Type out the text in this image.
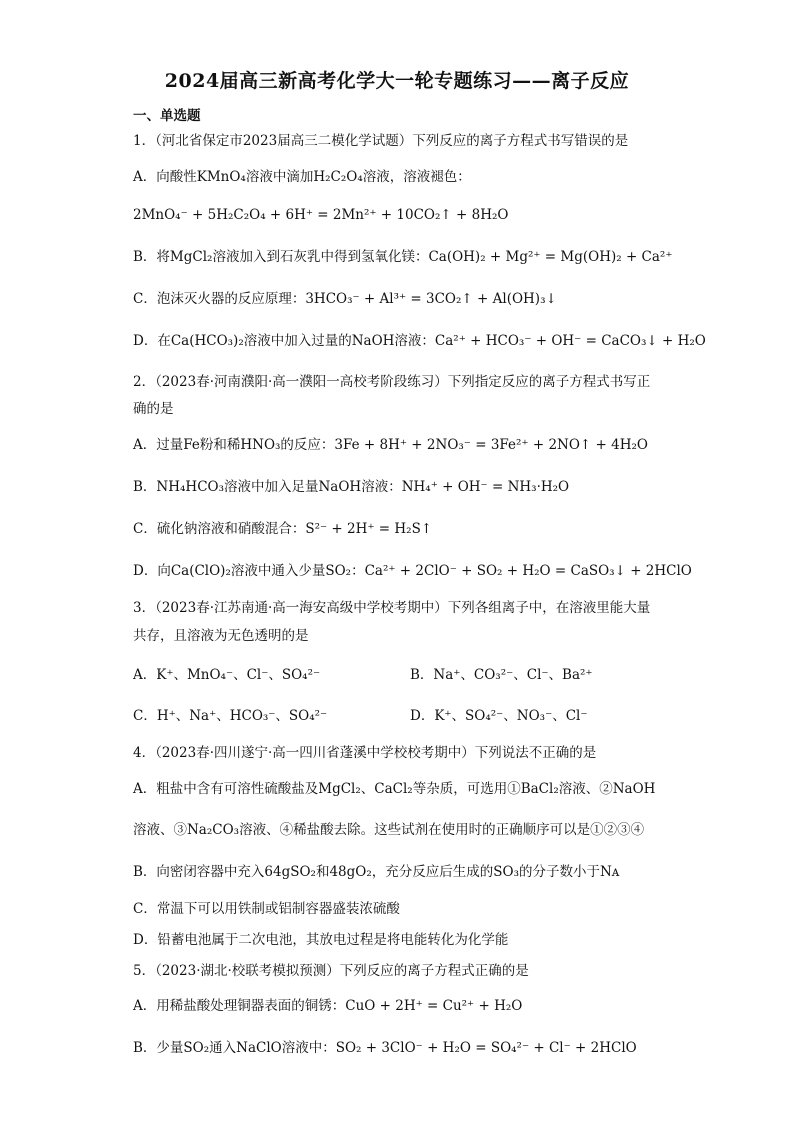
2024届高三新高考化学大一轮专题练习——离子反应
一、单选题
1．（河北省保定市2023届高三二模化学试题）下列反应的离子方程式书写错误的是
A．向酸性KMnO₄溶液中滴加H₂C₂O₄溶液，溶液褪色：
2MnO₄⁻ + 5H₂C₂O₄ + 6H⁺ = 2Mn²⁺ + 10CO₂↑ + 8H₂O
B．将MgCl₂溶液加入到石灰乳中得到氢氧化镁：Ca(OH)₂ + Mg²⁺ = Mg(OH)₂ + Ca²⁺
C．泡沫灭火器的反应原理：3HCO₃⁻ + Al³⁺ = 3CO₂↑ + Al(OH)₃↓
D．在Ca(HCO₃)₂溶液中加入过量的NaOH溶液：Ca²⁺ + HCO₃⁻ + OH⁻ = CaCO₃↓ + H₂O
2．（2023春·河南濮阳·高一濮阳一高校考阶段练习）下列指定反应的离子方程式书写正
确的是
A．过量Fe粉和稀HNO₃的反应：3Fe + 8H⁺ + 2NO₃⁻ = 3Fe²⁺ + 2NO↑ + 4H₂O
B．NH₄HCO₃溶液中加入足量NaOH溶液：NH₄⁺ + OH⁻ = NH₃·H₂O
C．硫化钠溶液和硝酸混合：S²⁻ + 2H⁺ = H₂S↑
D．向Ca(ClO)₂溶液中通入少量SO₂：Ca²⁺ + 2ClO⁻ + SO₂ + H₂O = CaSO₃↓ + 2HClO
3．（2023春·江苏南通·高一海安高级中学校考期中）下列各组离子中，在溶液里能大量
共存，且溶液为无色透明的是
A．K⁺、MnO₄⁻、Cl⁻、SO₄²⁻	B．Na⁺、CO₃²⁻、Cl⁻、Ba²⁺
C．H⁺、Na⁺、HCO₃⁻、SO₄²⁻	D．K⁺、SO₄²⁻、NO₃⁻、Cl⁻
4．（2023春·四川遂宁·高一四川省蓬溪中学校校考期中）下列说法不正确的是
A．粗盐中含有可溶性硫酸盐及MgCl₂、CaCl₂等杂质，可选用①BaCl₂溶液、②NaOH
溶液、③Na₂CO₃溶液、④稀盐酸去除。这些试剂在使用时的正确顺序可以是①②③④
B．向密闭容器中充入64gSO₂和48gO₂，充分反应后生成的SO₃的分子数小于Nᴀ
C．常温下可以用铁制或铝制容器盛装浓硫酸
D．铅蓄电池属于二次电池，其放电过程是将电能转化为化学能
5．（2023·湖北·校联考模拟预测）下列反应的离子方程式正确的是
A．用稀盐酸处理铜器表面的铜锈：CuO + 2H⁺ = Cu²⁺ + H₂O
B．少量SO₂通入NaClO溶液中：SO₂ + 3ClO⁻ + H₂O = SO₄²⁻ + Cl⁻ + 2HClO
